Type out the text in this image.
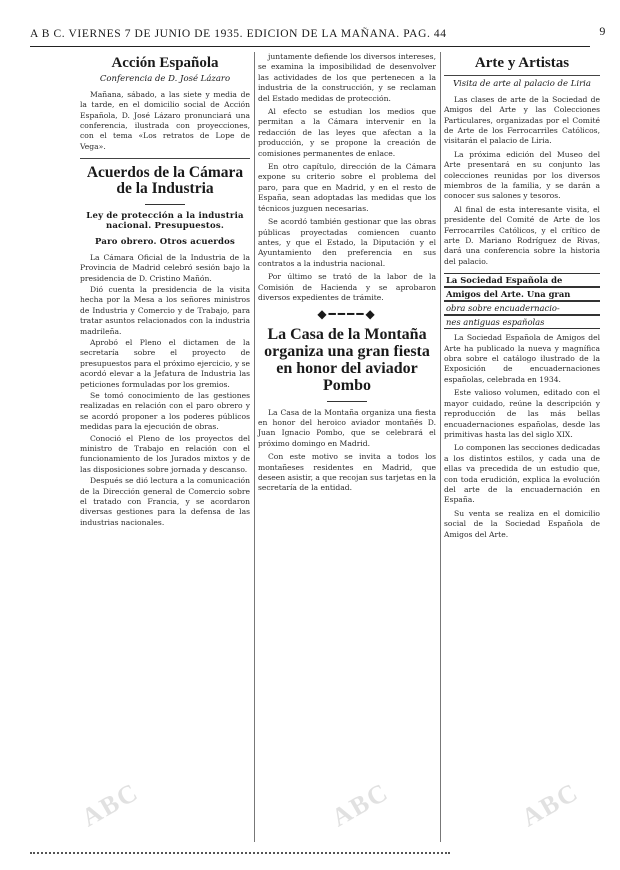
A B C. VIERNES 7 DE JUNIO DE 1935. EDICION DE LA MAÑANA. PAG. 44	9
Acción Española
Conferencia de D. José Lázaro

Mañana, sábado, a las siete y media de la tarde, en el domicilio social de Acción Española, D. José Lázaro pronunciará una conferencia, ilustrada con proyecciones, con el tema «Los retratos de Lope de Vega».

Acuerdos de la Cámara de la Industria
Ley de protección a la industria nacional. Presupuestos.
Paro obrero. Otros acuerdos

La Cámara Oficial de la Industria de la Provincia de Madrid celebró sesión bajo la presidencia de D. Cristino Mañón.

Dió cuenta la presidencia de la visita hecha por la Mesa a los señores ministros de Industria y Comercio y de Trabajo, para tratar asuntos relacionados con la industria madrileña.

Aprobó el Pleno el dictamen de la secretaría sobre el proyecto de presupuestos para el próximo ejercicio, y se acordó elevar a la Jefatura de Industria las peticiones formuladas por los gremios.

Se tomó conocimiento de las gestiones realizadas en relación con el paro obrero y se acordó proponer a los poderes públicos medidas para la ejecución de obras.

Conoció el Pleno de los proyectos del ministro de Trabajo en relación con el funcionamiento de los Jurados mixtos y de las disposiciones sobre jornada y descanso.

Después se dió lectura a la comunicación de la Dirección general de Comercio sobre el tratado con Francia, y se acordaron diversas gestiones para la defensa de las industrias nacionales.

juntamente defiende los diversos intereses, se examina la imposibilidad de desenvolver las actividades de los que pertenecen a la industria de la construcción, y se reclaman del Estado medidas de protección.

Al efecto se estudian los medios que permitan a la Cámara intervenir en la redacción de las leyes que afectan a la producción, y se propone la creación de comisiones permanentes de enlace.

En otro capítulo, dirección de la Cámara expone su criterio sobre el problema del paro, para que en Madrid, y en el resto de España, sean adoptadas las medidas que los técnicos juzguen necesarias.

Se acordó también gestionar que las obras públicas proyectadas comiencen cuanto antes, y que el Estado, la Diputación y el Ayuntamiento den preferencia en sus contratos a la industria nacional.

Por último se trató de la labor de la Comisión de Hacienda y se aprobaron diversos expedientes de trámite.

◆━━━━◆
La Casa de la Montaña organiza una gran fiesta en honor del aviador Pombo

La Casa de la Montaña organiza una fiesta en honor del heroico aviador montañés D. Juan Ignacio Pombo, que se celebrará el próximo domingo en Madrid.

Con este motivo se invita a todos los montañeses residentes en Madrid, que deseen asistir, a que recojan sus tarjetas en la secretaría de la entidad.

Arte y Artistas
Visita de arte al palacio de Liria

Las clases de arte de la Sociedad de Amigos del Arte y las Colecciones Particulares, organizadas por el Comité de Arte de los Ferrocarriles Católicos, visitarán el palacio de Liria.

La próxima edición del Museo del Arte presentará en su conjunto las colecciones reunidas por los diversos miembros de la familia, y se darán a conocer sus salones y tesoros.

Al final de esta interesante visita, el presidente del Comité de Arte de los Ferrocarriles Católicos, y el crítico de arte D. Mariano Rodríguez de Rivas, dará una conferencia sobre la historia del palacio.

La Sociedad Española de

Amigos del Arte. Una gran

obra sobre encuadernacio-

nes antiguas españolas

La Sociedad Española de Amigos del Arte ha publicado la nueva y magnífica obra sobre el catálogo ilustrado de la Exposición de encuadernaciones españolas, celebrada en 1934.

Este valioso volumen, editado con el mayor cuidado, reúne la descripción y reproducción de las más bellas encuadernaciones españolas, desde las primitivas hasta las del siglo XIX.

Lo componen las secciones dedicadas a los distintos estilos, y cada una de ellas va precedida de un estudio que, con toda erudición, explica la evolución del arte de la encuadernación en España.

Su venta se realiza en el domicilio social de la Sociedad Española de Amigos del Arte.

ABC	ABC	ABC
